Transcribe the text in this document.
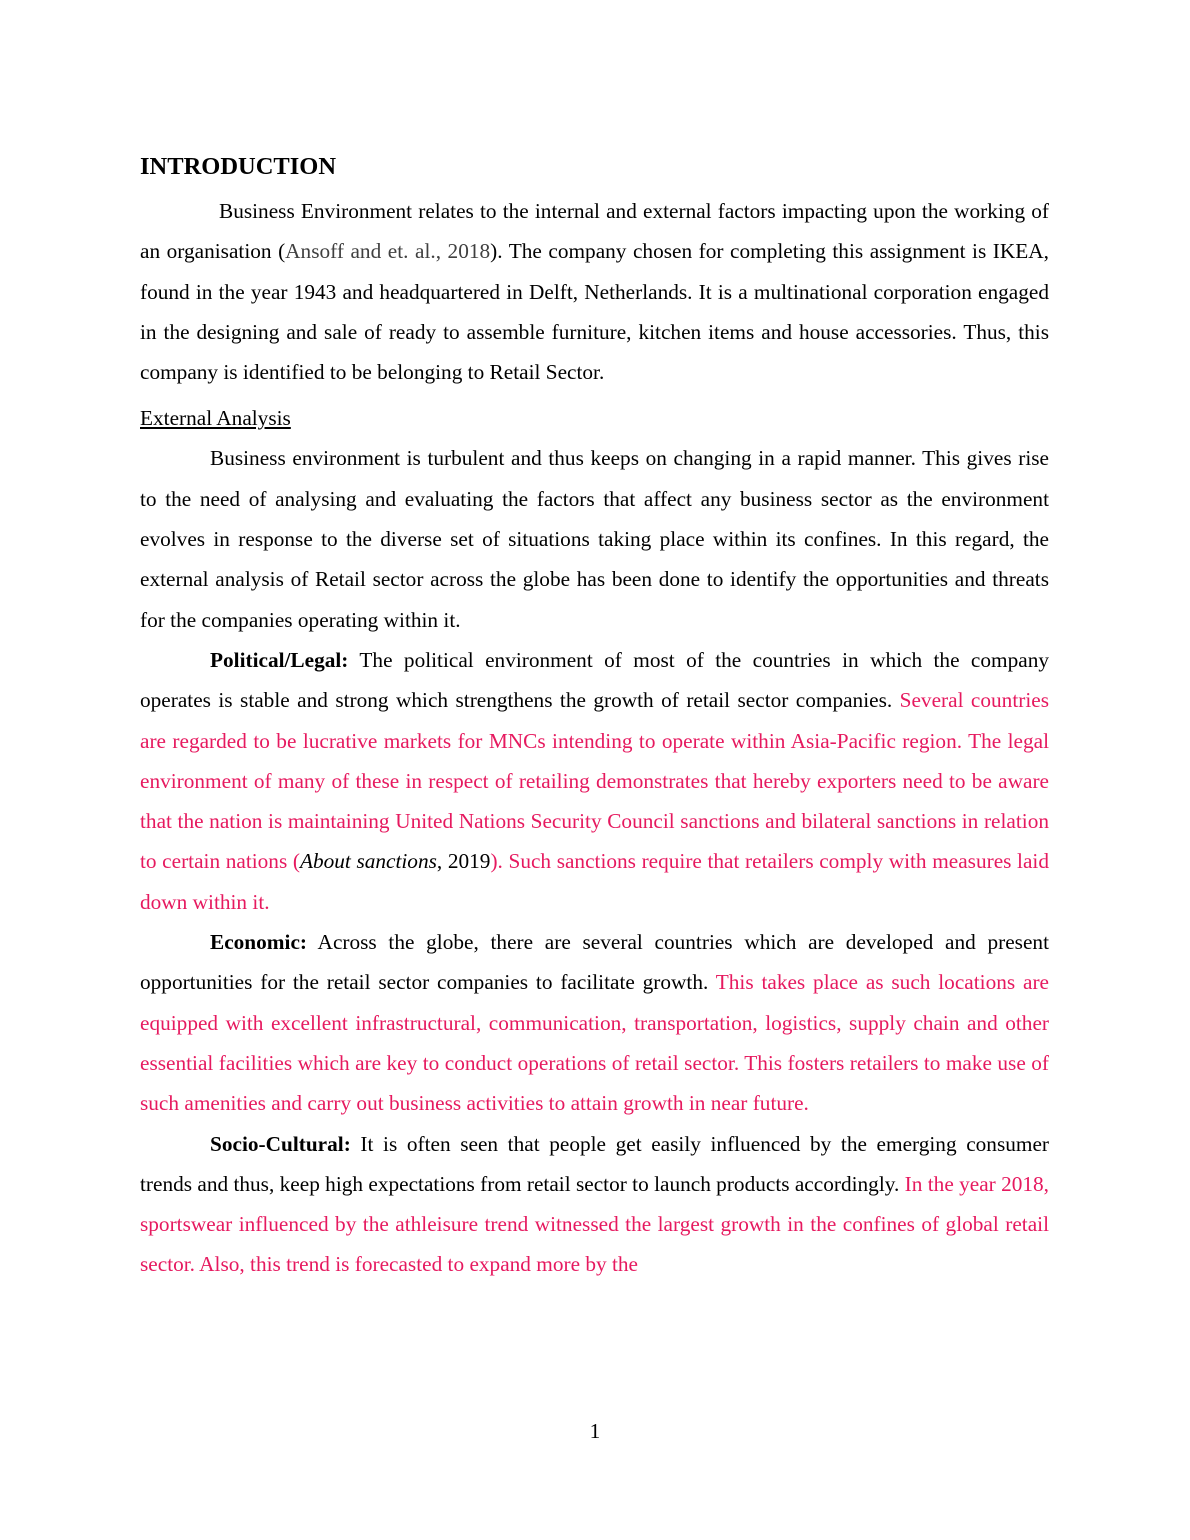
INTRODUCTION

Business Environment relates to the internal and external factors impacting upon the working of an organisation (Ansoff and et. al., 2018). The company chosen for completing this assignment is IKEA, found in the year 1943 and headquartered in Delft, Netherlands. It is a multinational corporation engaged in the designing and sale of ready to assemble furniture, kitchen items and house accessories. Thus, this company is identified to be belonging to Retail Sector.

External Analysis

Business environment is turbulent and thus keeps on changing in a rapid manner. This gives rise to the need of analysing and evaluating the factors that affect any business sector as the environment evolves in response to the diverse set of situations taking place within its confines. In this regard, the external analysis of Retail sector across the globe has been done to identify the opportunities and threats for the companies operating within it.

Political/Legal: The political environment of most of the countries in which the company operates is stable and strong which strengthens the growth of retail sector companies. Several countries are regarded to be lucrative markets for MNCs intending to operate within Asia-Pacific region. The legal environment of many of these in respect of retailing demonstrates that hereby exporters need to be aware that the nation is maintaining United Nations Security Council sanctions and bilateral sanctions in relation to certain nations (About sanctions, 2019). Such sanctions require that retailers comply with measures laid down within it.

Economic: Across the globe, there are several countries which are developed and present opportunities for the retail sector companies to facilitate growth. This takes place as such locations are equipped with excellent infrastructural, communication, transportation, logistics, supply chain and other essential facilities which are key to conduct operations of retail sector. This fosters retailers to make use of such amenities and carry out business activities to attain growth in near future.

Socio-Cultural: It is often seen that people get easily influenced by the emerging consumer trends and thus, keep high expectations from retail sector to launch products accordingly. In the year 2018, sportswear influenced by the athleisure trend witnessed the largest growth in the confines of global retail sector. Also, this trend is forecasted to expand more by the

1
